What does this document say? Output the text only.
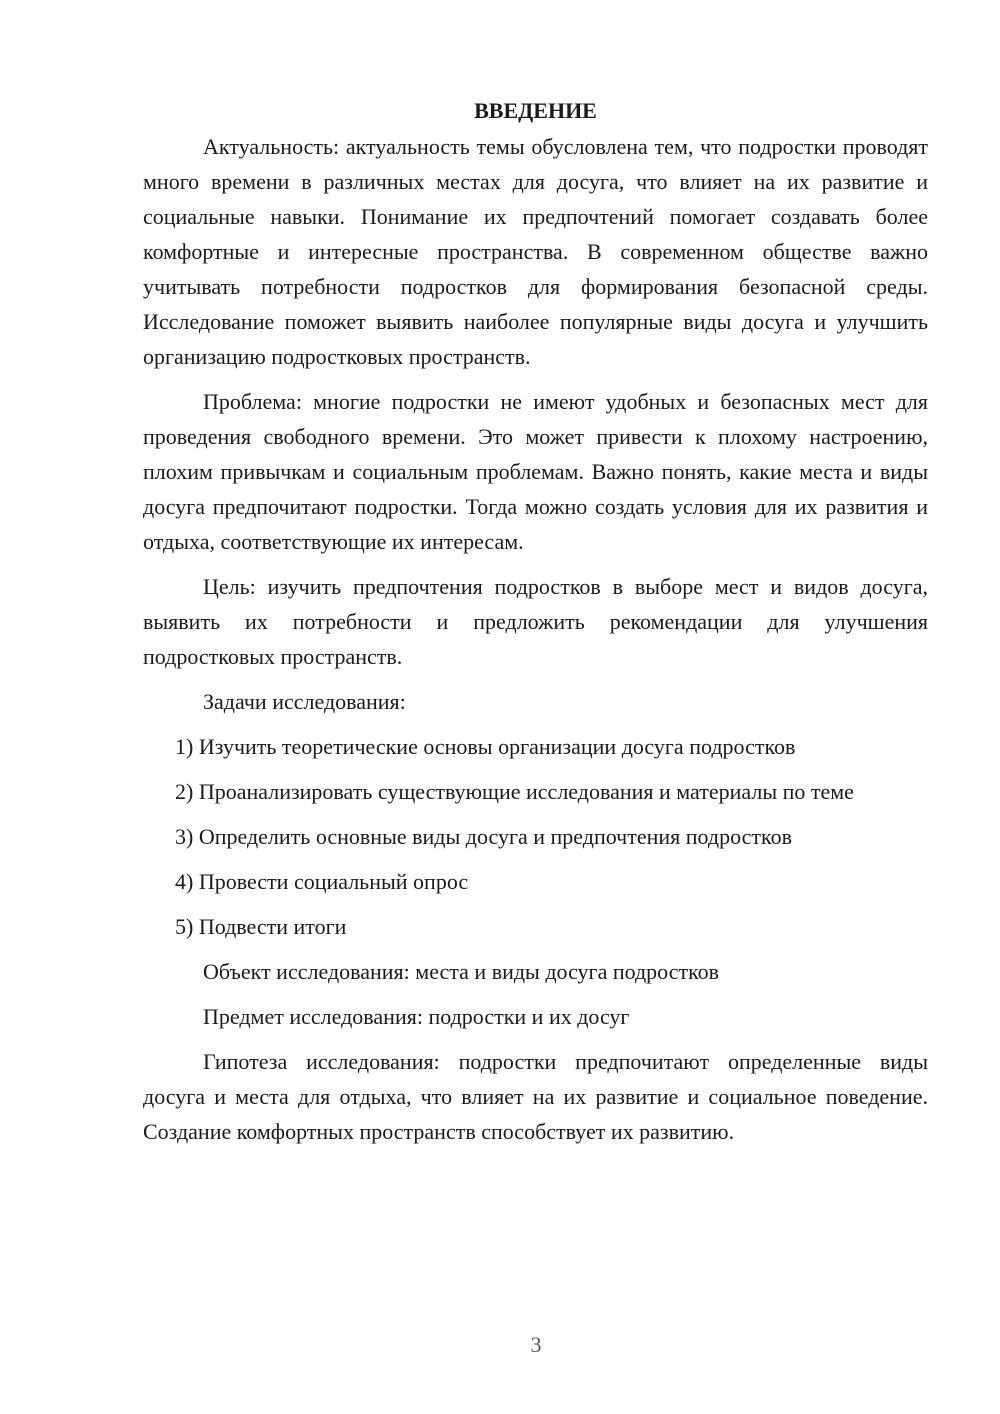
ВВЕДЕНИЕ

Актуальность: актуальность темы обусловлена тем, что подростки проводят много времени в различных местах для досуга, что влияет на их развитие и социальные навыки. Понимание их предпочтений помогает создавать более комфортные и интересные пространства. В современном обществе важно учитывать потребности подростков для формирования безопасной среды. Исследование поможет выявить наиболее популярные виды досуга и улучшить организацию подростковых пространств.

Проблема: многие подростки не имеют удобных и безопасных мест для проведения свободного времени. Это может привести к плохому настроению, плохим привычкам и социальным проблемам. Важно понять, какие места и виды досуга предпочитают подростки. Тогда можно создать условия для их развития и отдыха, соответствующие их интересам.

Цель: изучить предпочтения подростков в выборе мест и видов досуга, выявить их потребности и предложить рекомендации для улучшения подростковых пространств.

Задачи исследования:

1) Изучить теоретические основы организации досуга подростков

2) Проанализировать существующие исследования и материалы по теме

3) Определить основные виды досуга и предпочтения подростков

4) Провести социальный опрос

5) Подвести итоги

Объект исследования: места и виды досуга подростков

Предмет исследования: подростки и их досуг

Гипотеза исследования: подростки предпочитают определенные виды досуга и места для отдыха, что влияет на их развитие и социальное поведение. Создание комфортных пространств способствует их развитию.

3
